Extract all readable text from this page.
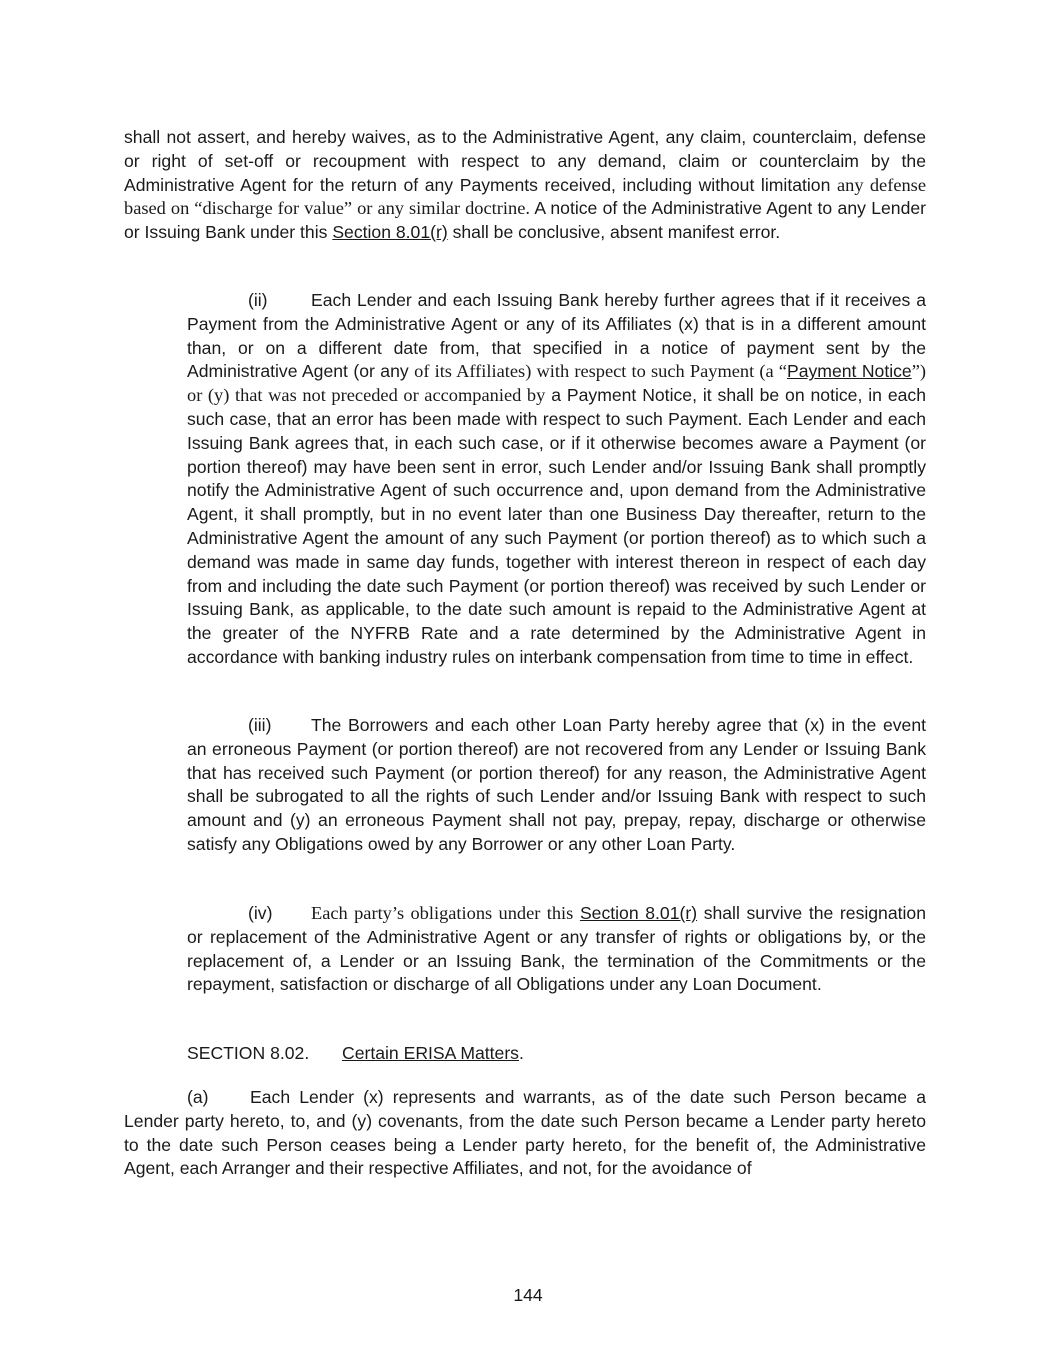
shall not assert, and hereby waives, as to the Administrative Agent, any claim, counterclaim, defense or right of set-off or recoupment with respect to any demand, claim or counterclaim by the Administrative Agent for the return of any Payments received, including without limitation any defense based on “discharge for value” or any similar doctrine. A notice of the Administrative Agent to any Lender or Issuing Bank under this Section 8.01(r) shall be conclusive, absent manifest error.

(ii) Each Lender and each Issuing Bank hereby further agrees that if it receives a Payment from the Administrative Agent or any of its Affiliates (x) that is in a different amount than, or on a different date from, that specified in a notice of payment sent by the Administrative Agent (or any of its Affiliates) with respect to such Payment (a “Payment Notice”) or (y) that was not preceded or accompanied by a Payment Notice, it shall be on notice, in each such case, that an error has been made with respect to such Payment. Each Lender and each Issuing Bank agrees that, in each such case, or if it otherwise becomes aware a Payment (or portion thereof) may have been sent in error, such Lender and/or Issuing Bank shall promptly notify the Administrative Agent of such occurrence and, upon demand from the Administrative Agent, it shall promptly, but in no event later than one Business Day thereafter, return to the Administrative Agent the amount of any such Payment (or portion thereof) as to which such a demand was made in same day funds, together with interest thereon in respect of each day from and including the date such Payment (or portion thereof) was received by such Lender or Issuing Bank, as applicable, to the date such amount is repaid to the Administrative Agent at the greater of the NYFRB Rate and a rate determined by the Administrative Agent in accordance with banking industry rules on interbank compensation from time to time in effect.

(iii) The Borrowers and each other Loan Party hereby agree that (x) in the event an erroneous Payment (or portion thereof) are not recovered from any Lender or Issuing Bank that has received such Payment (or portion thereof) for any reason, the Administrative Agent shall be subrogated to all the rights of such Lender and/or Issuing Bank with respect to such amount and (y) an erroneous Payment shall not pay, prepay, repay, discharge or otherwise satisfy any Obligations owed by any Borrower or any other Loan Party.

(iv) Each party’s obligations under this Section 8.01(r) shall survive the resignation or replacement of the Administrative Agent or any transfer of rights or obligations by, or the replacement of, a Lender or an Issuing Bank, the termination of the Commitments or the repayment, satisfaction or discharge of all Obligations under any Loan Document.

SECTION 8.02. Certain ERISA Matters.

(a) Each Lender (x) represents and warrants, as of the date such Person became a Lender party hereto, to, and (y) covenants, from the date such Person became a Lender party hereto to the date such Person ceases being a Lender party hereto, for the benefit of, the Administrative Agent, each Arranger and their respective Affiliates, and not, for the avoidance of

144
